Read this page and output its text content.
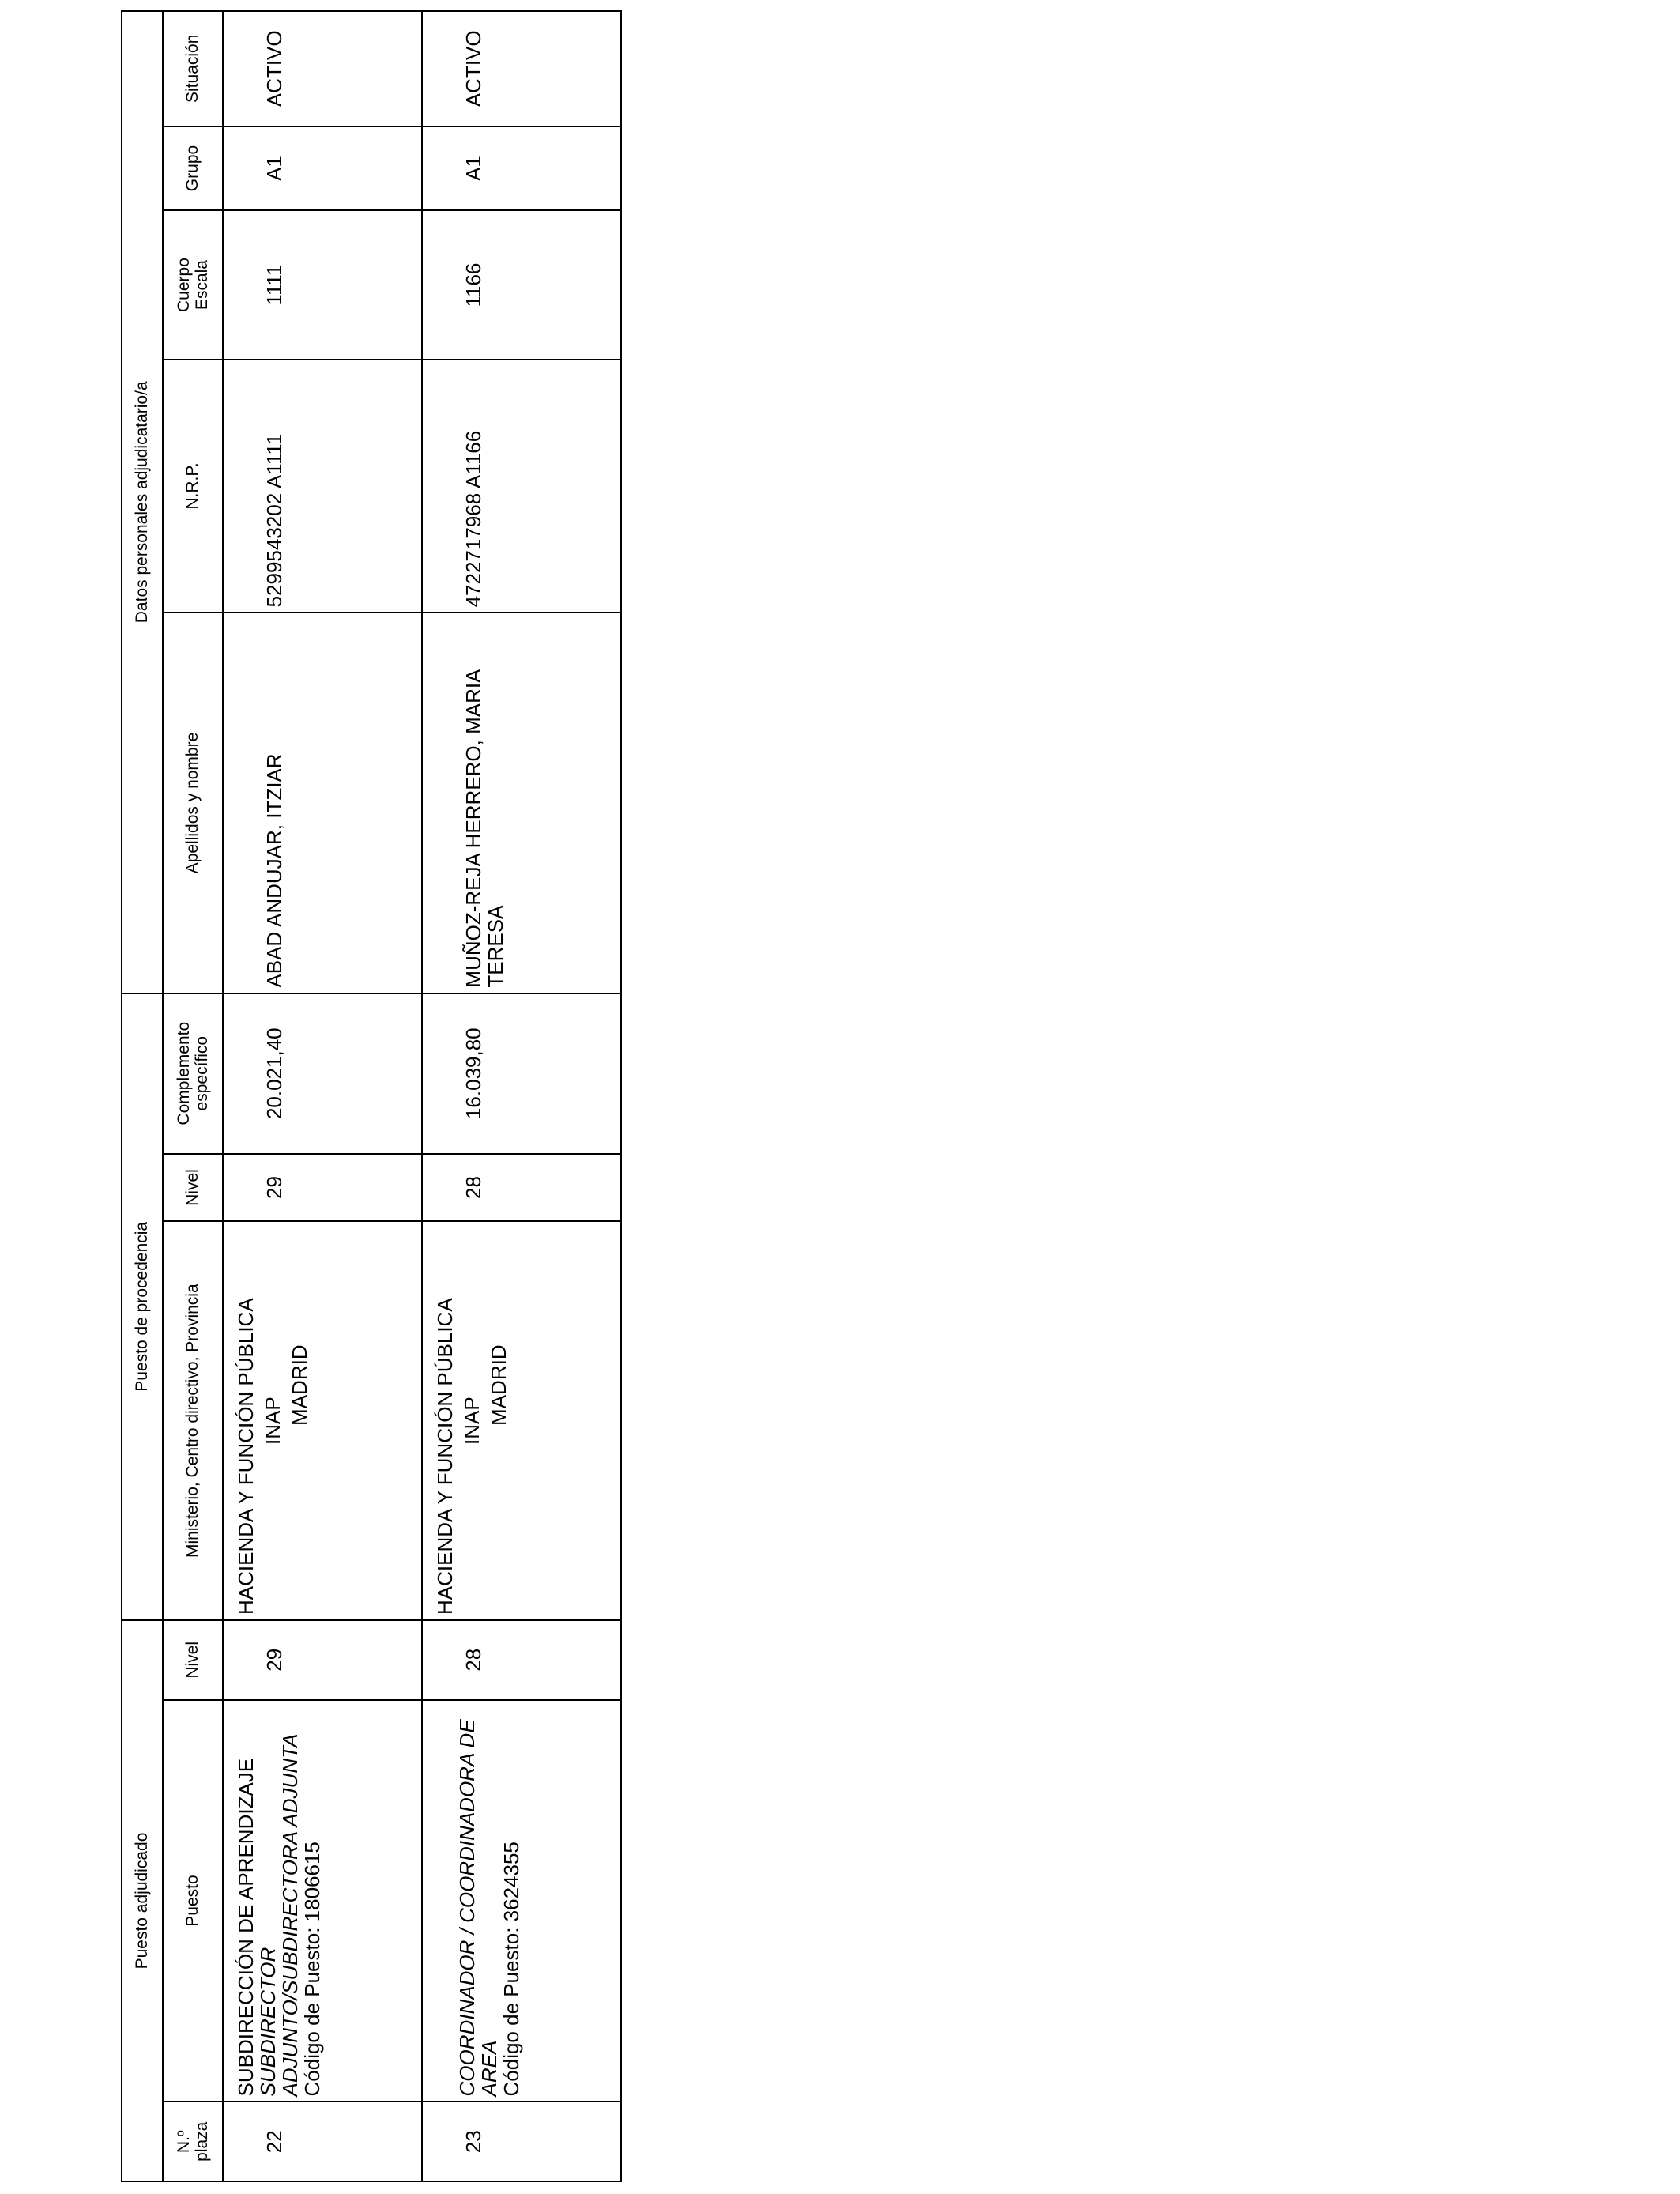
Puesto adjudicado			Puesto de procedencia			Datos personales adjudicatario/a				

N.º plaza	Puesto	Nivel	Ministerio, Centro directivo, Provincia	Nivel	Complemento específico	Apellidos y nombre	N.R.P.	Cuerpo Escala	Grupo	Situación
22	SUBDIRECCIÓN DE APRENDIZAJE
SUBDIRECTOR ADJUNTO/SUBDIRECTORA ADJUNTA
Código de Puesto: 1806615	29	HACIENDA Y FUNCIÓN PÚBLICA INAP MADRID	29	20.021,40	ABAD ANDUJAR, ITZIAR	5299543202 A1111	1111	A1	ACTIVO
23	COORDINADOR / COORDINADORA DE AREA
Código de Puesto: 3624355	28	HACIENDA Y FUNCIÓN PÚBLICA INAP MADRID	28	16.039,80	MUÑOZ-REJA HERRERO, MARIA TERESA	4722717968 A1166	1166	A1	ACTIVO
